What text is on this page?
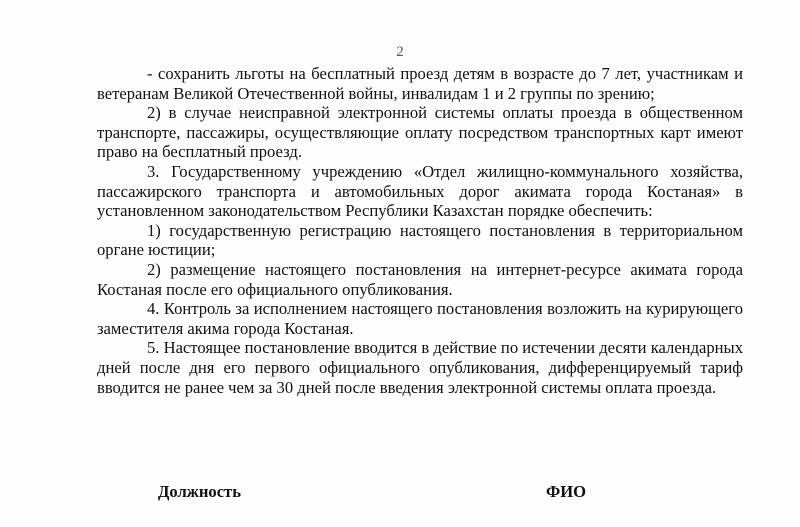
2

- сохранить льготы на бесплатный проезд детям в возрасте до 7 лет, участникам и ветеранам Великой Отечественной войны, инвалидам 1 и 2 группы по зрению;

2) в случае неисправной электронной системы оплаты проезда в общественном транспорте, пассажиры, осуществляющие оплату посредством транспортных карт имеют право на бесплатный проезд.

3. Государственному учреждению «Отдел жилищно-коммунального хозяйства, пассажирского транспорта и автомобильных дорог акимата города Костаная» в установленном законодательством Республики Казахстан порядке обеспечить:

1) государственную регистрацию настоящего постановления в территориальном органе юстиции;

2) размещение настоящего постановления на интернет-ресурсе акимата города Костаная после его официального опубликования.

4. Контроль за исполнением настоящего постановления возложить на курирующего заместителя акима города Костаная.

5. Настоящее постановление вводится в действие по истечении десяти календарных дней после дня его первого официального опубликования, дифференцируемый тариф вводится не ранее чем за 30 дней после введения электронной системы оплата проезда.

Должность	ФИО
